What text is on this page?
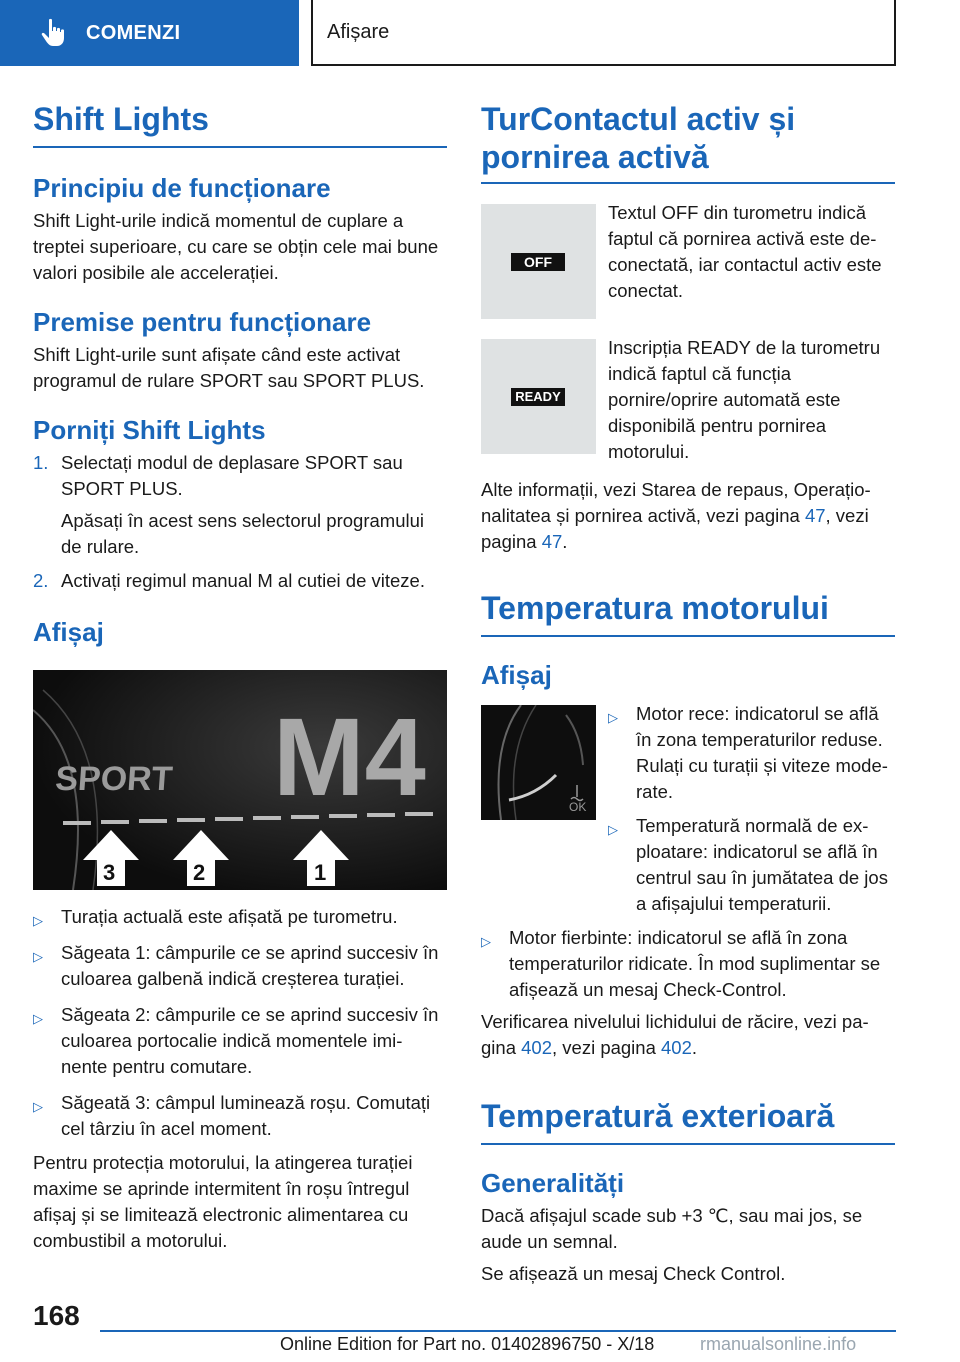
COMENZI	Afișare
Shift Lights
Principiu de funcționare

Shift Light-urile indică momentul de cuplare a treptei superioare, cu care se obțin cele mai bune valori posibile ale accelerației.

Premise pentru funcționare

Shift Light-urile sunt afișate când este activat programul de rulare SPORT sau SPORT PLUS.

Porniți Shift Lights
1. Selectați modul de deplasare SPORT sau SPORT PLUS.

Apăsați în acest sens selectorul programului de rulare.

2. Activați regimul manual M al cutiei de viteze.
Afișaj
SPORT M4
3	2	1
▷ Turația actuală este afișată pe turometru.
▷ Săgeata 1: câmpurile ce se aprind succesiv în culoarea galbenă indică creșterea turației.
▷ Săgeata 2: câmpurile ce se aprind succesiv în culoarea portocalie indică momentele imi-nente pentru comutare.
▷ Săgeată 3: câmpul luminează roșu. Comutați cel târziu în acel moment.

Pentru protecția motorului, la atingerea turației maxime se aprinde intermitent în roșu întregul afișaj și se limitează electronic alimentarea cu combustibil a motorului.

TurContactul activ și pornirea activă
OFF

Textul OFF din turometru indică faptul că pornirea activă este de-conectată, iar contactul activ este conectat.

READY

Inscripția READY de la turometru indică faptul că funcția pornire/oprire automată este disponibilă pentru pornirea motorului.

Alte informații, vezi Starea de repaus, Operațio-nalitatea și pornirea activă, vezi pagina 47, vezi pagina 47.

Temperatura motorului
Afișaj
OK
▷ Motor rece: indicatorul se află în zona temperaturilor reduse. Rulați cu turații și viteze mode-rate.
▷ Temperatură normală de ex-ploatare: indicatorul se află în centrul sau în jumătatea de jos a afișajului temperaturii.
▷ Motor fierbinte: indicatorul se află în zona temperaturilor ridicate. În mod suplimentar se afișează un mesaj Check-Control.

Verificarea nivelului lichidului de răcire, vezi pa-gina 402, vezi pagina 402.

Temperatură exterioară
Generalități

Dacă afișajul scade sub +3 ℃, sau mai jos, se aude un semnal.

Se afișează un mesaj Check Control.

168
Online Edition for Part no. 01402896750 - X/18	rmanualsonline.info
